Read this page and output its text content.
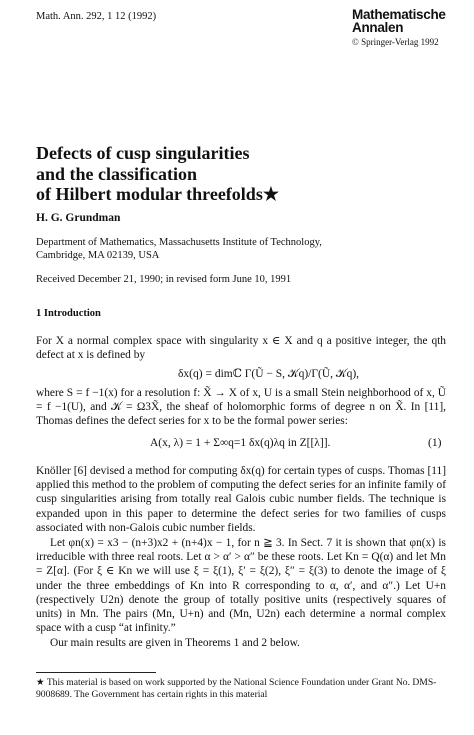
Math. Ann. 292, 1 12 (1992)	Mathematische
Annalen
© Springer-Verlag 1992
Defects of cusp singularities
and the classification
of Hilbert modular threefolds★
H. G. Grundman
Department of Mathematics, Massachusetts Institute of Technology,
Cambridge, MA 02139, USA
Received December 21, 1990; in revised form June 10, 1991
1 Introduction
For X a normal complex space with singularity x ∈ X and q a positive integer, the qth defect at x is defined by
δx(q) = dimℂ Γ(Ũ − S, 𝒦q)/Γ(Ũ, 𝒦q),
where S = f −1(x) for a resolution f: X̃ → X of x, U is a small Stein neighborhood of x, Ũ = f −1(U), and 𝒦 = Ω3X̃, the sheaf of holomorphic forms of degree n on X̃. In [11], Thomas defines the defect series for x to be the formal power series:
A(x, λ) = 1 + Σ∞q=1 δx(q)λq in Z[[λ]].	(1)
Knöller [6] devised a method for computing δx(q) for certain types of cusps. Thomas [11] applied this method to the problem of computing the defect series for an infinite family of cusp singularities arising from totally real Galois cubic number fields. The technique is expanded upon in this paper to determine the defect series for two families of cusps associated with non-Galois cubic number fields.
Let φn(x) = x3 − (n+3)x2 + (n+4)x − 1, for n ≧ 3. In Sect. 7 it is shown that φn(x) is irreducible with three real roots. Let α > α′ > α″ be these roots. Let Kn = Q(α) and let Mn = Z[α]. (For ξ ∈ Kn we will use ξ = ξ(1), ξ′ = ξ(2), ξ″ = ξ(3) to denote the image of ξ under the three embeddings of Kn into R corresponding to α, α′, and α″.) Let U+n (respectively U2n) denote the group of totally positive units (respectively squares of units) in Mn. The pairs (Mn, U+n) and (Mn, U2n) each determine a normal complex space with a cusp “at infinity.”
Our main results are given in Theorems 1 and 2 below.
★ This material is based on work supported by the National Science Foundation under Grant No. DMS-9008689. The Government has certain rights in this material
